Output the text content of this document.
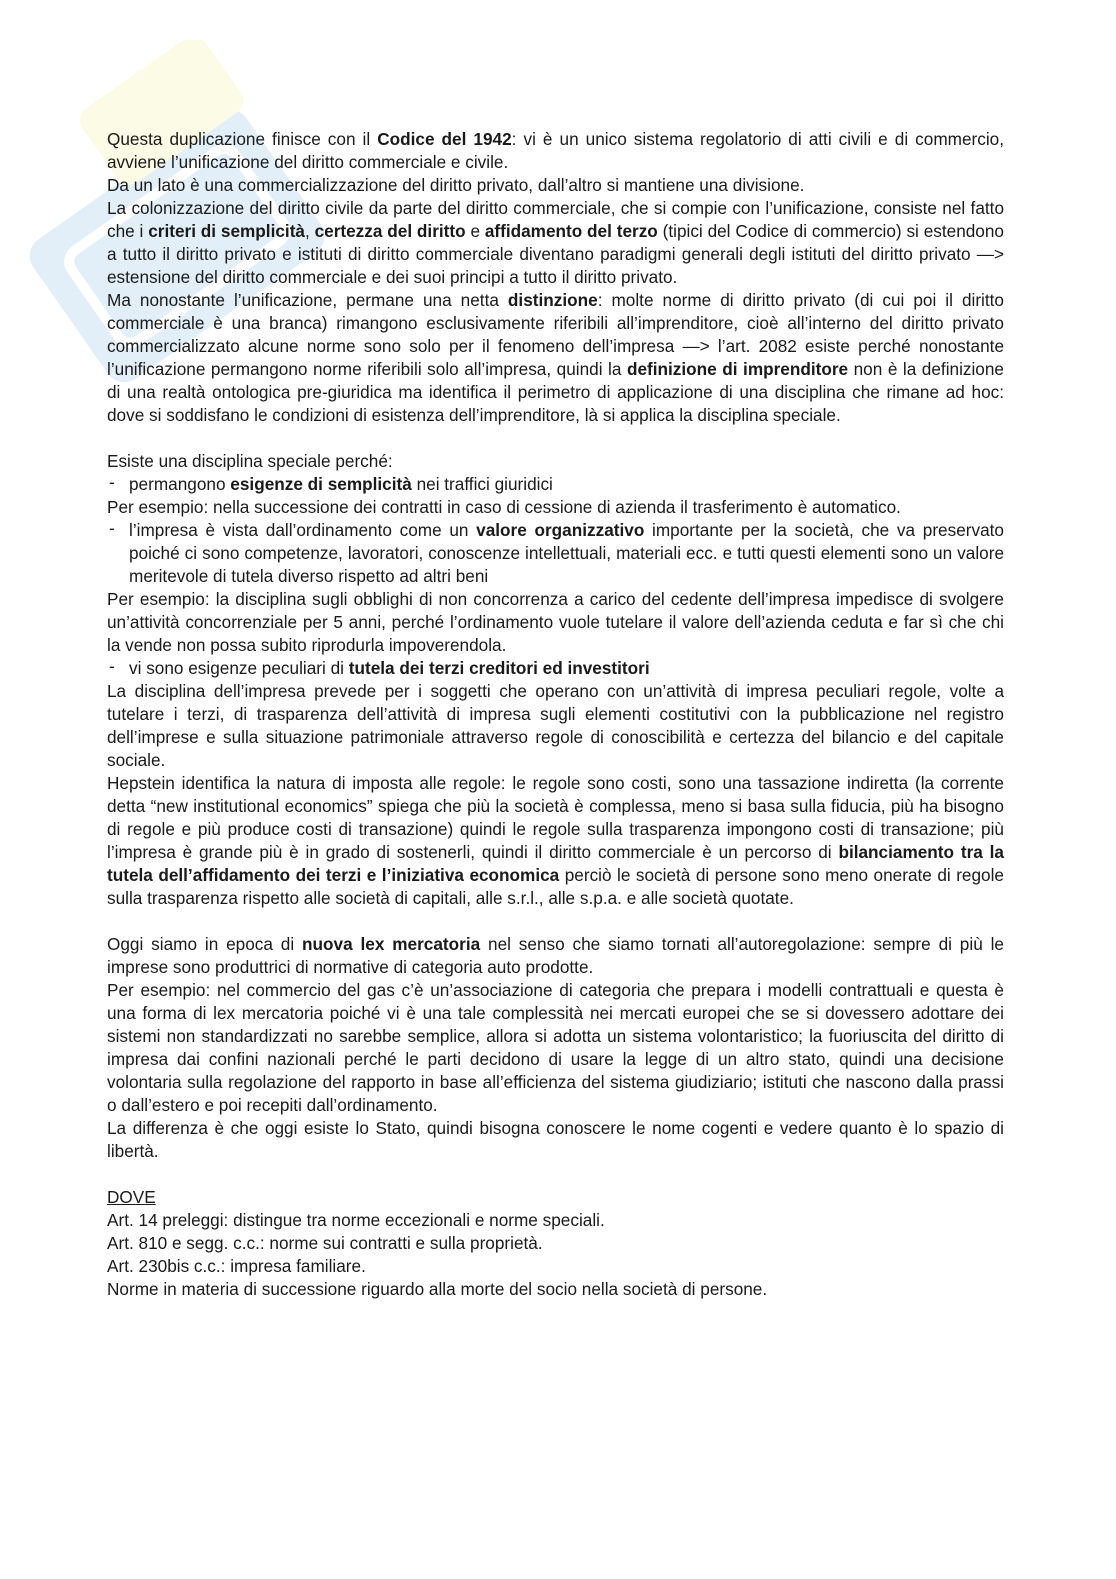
Questa duplicazione finisce con il Codice del 1942: vi è un unico sistema regolatorio di atti civili e di commercio, avviene l’unificazione del diritto commerciale e civile.

Da un lato è una commercializzazione del diritto privato, dall’altro si mantiene una divisione.

La colonizzazione del diritto civile da parte del diritto commerciale, che si compie con l’unificazione, consiste nel fatto che i criteri di semplicità, certezza del diritto e affidamento del terzo (tipici del Codice di commercio) si estendono a tutto il diritto privato e istituti di diritto commerciale diventano paradigmi generali degli istituti del diritto privato —> estensione del diritto commerciale e dei suoi principi a tutto il diritto privato.

Ma nonostante l’unificazione, permane una netta distinzione: molte norme di diritto privato (di cui poi il diritto commerciale è una branca) rimangono esclusivamente riferibili all’imprenditore, cioè all’interno del diritto privato commercializzato alcune norme sono solo per il fenomeno dell’impresa —> l’art. 2082 esiste perché nonostante l’unificazione permangono norme riferibili solo all’impresa, quindi la definizione di imprenditore non è la definizione di una realtà ontologica pre-giuridica ma identifica il perimetro di applicazione di una disciplina che rimane ad hoc: dove si soddisfano le condizioni di esistenza dell’imprenditore, là si applica la disciplina speciale.

Esiste una disciplina speciale perché:

- permangono esigenze di semplicità nei traffici giuridici

Per esempio: nella successione dei contratti in caso di cessione di azienda il trasferimento è automatico.

- l’impresa è vista dall’ordinamento come un valore organizzativo importante per la società, che va preservato poiché ci sono competenze, lavoratori, conoscenze intellettuali, materiali ecc. e tutti questi elementi sono un valore meritevole di tutela diverso rispetto ad altri beni

Per esempio: la disciplina sugli obblighi di non concorrenza a carico del cedente dell’impresa impedisce di svolgere un’attività concorrenziale per 5 anni, perché l’ordinamento vuole tutelare il valore dell’azienda ceduta e far sì che chi la vende non possa subito riprodurla impoverendola.

- vi sono esigenze peculiari di tutela dei terzi creditori ed investitori

La disciplina dell’impresa prevede per i soggetti che operano con un’attività di impresa peculiari regole, volte a tutelare i terzi, di trasparenza dell’attività di impresa sugli elementi costitutivi con la pubblicazione nel registro dell’imprese e sulla situazione patrimoniale attraverso regole di conoscibilità e certezza del bilancio e del capitale sociale.

Hepstein identifica la natura di imposta alle regole: le regole sono costi, sono una tassazione indiretta (la corrente detta “new institutional economics” spiega che più la società è complessa, meno si basa sulla fiducia, più ha bisogno di regole e più produce costi di transazione) quindi le regole sulla trasparenza impongono costi di transazione; più l’impresa è grande più è in grado di sostenerli, quindi il diritto commerciale è un percorso di bilanciamento tra la tutela dell’affidamento dei terzi e l’iniziativa economica perciò le società di persone sono meno onerate di regole sulla trasparenza rispetto alle società di capitali, alle s.r.l., alle s.p.a. e alle società quotate.

Oggi siamo in epoca di nuova lex mercatoria nel senso che siamo tornati all’autoregolazione: sempre di più le imprese sono produttrici di normative di categoria auto prodotte.

Per esempio: nel commercio del gas c’è un’associazione di categoria che prepara i modelli contrattuali e questa è una forma di lex mercatoria poiché vi è una tale complessità nei mercati europei che se si dovessero adottare dei sistemi non standardizzati no sarebbe semplice, allora si adotta un sistema volontaristico; la fuoriuscita del diritto di impresa dai confini nazionali perché le parti decidono di usare la legge di un altro stato, quindi una decisione volontaria sulla regolazione del rapporto in base all’efficienza del sistema giudiziario; istituti che nascono dalla prassi o dall’estero e poi recepiti dall’ordinamento.

La differenza è che oggi esiste lo Stato, quindi bisogna conoscere le nome cogenti e vedere quanto è lo spazio di libertà.

DOVE

Art. 14 preleggi: distingue tra norme eccezionali e norme speciali.

Art. 810 e segg. c.c.: norme sui contratti e sulla proprietà.

Art. 230bis c.c.: impresa familiare.

Norme in materia di successione riguardo alla morte del socio nella società di persone.
